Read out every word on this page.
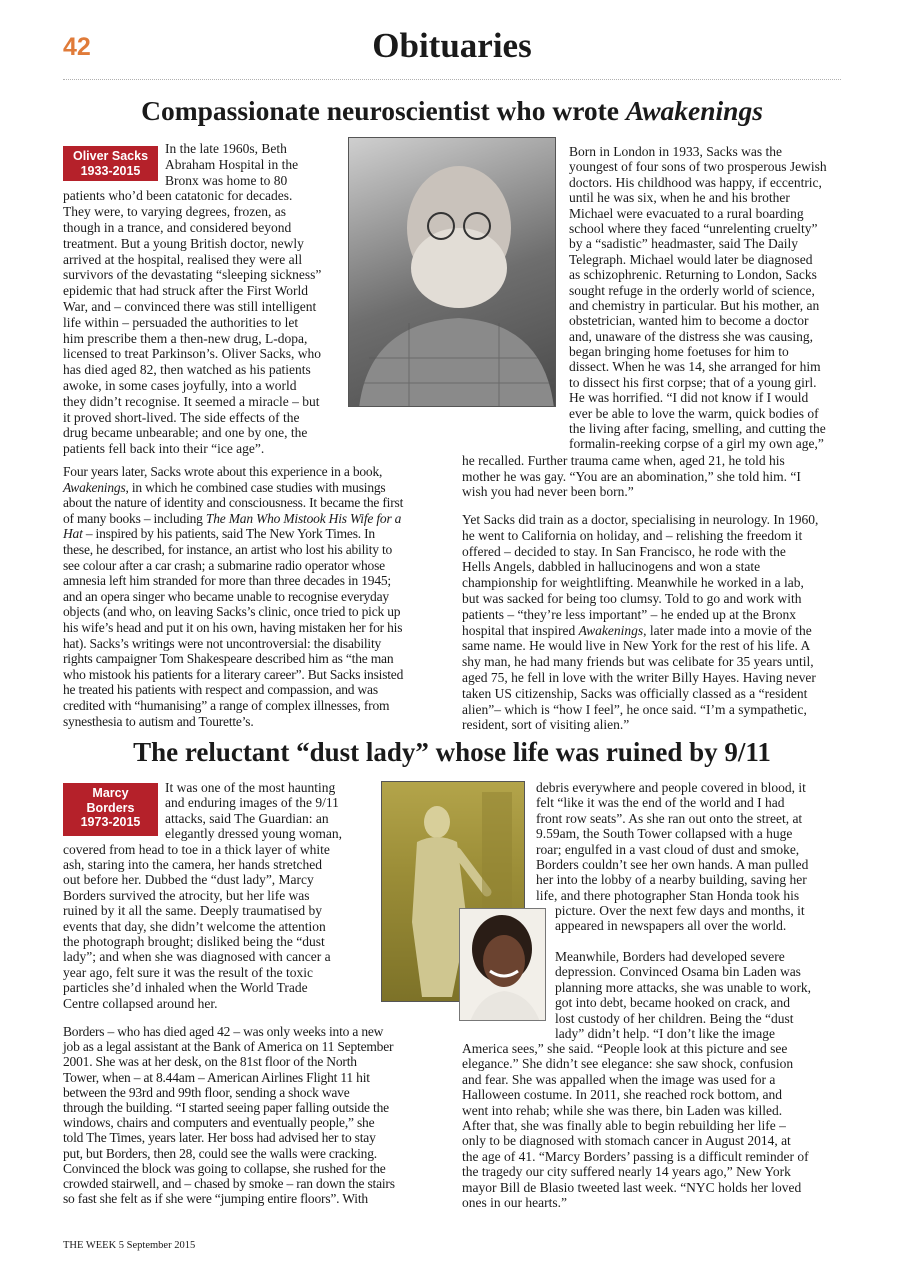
42	Obituaries
Compassionate neuroscientist who wrote Awakenings
Oliver Sacks
1933-2015
In the late 1960s, Beth
Abraham Hospital in the
Bronx was home to 80
patients who’d been catatonic for decades.
They were, to varying degrees, frozen, as
though in a trance, and considered beyond
treatment. But a young British doctor, newly
arrived at the hospital, realised they were all
survivors of the devastating “sleeping sickness”
epidemic that had struck after the First World
War, and – convinced there was still intelligent
life within – persuaded the authorities to let
him prescribe them a then-new drug, L-dopa,
licensed to treat Parkinson’s. Oliver Sacks, who
has died aged 82, then watched as his patients
awoke, in some cases joyfully, into a world
they didn’t recognise. It seemed a miracle – but
it proved short-lived. The side effects of the
drug became unbearable; and one by one, the
patients fell back into their “ice age”.
Born in London in 1933, Sacks was the
youngest of four sons of two prosperous Jewish
doctors. His childhood was happy, if eccentric,
until he was six, when he and his brother
Michael were evacuated to a rural boarding
school where they faced “unrelenting cruelty”
by a “sadistic” headmaster, said The Daily
Telegraph. Michael would later be diagnosed
as schizophrenic. Returning to London, Sacks
sought refuge in the orderly world of science,
and chemistry in particular. But his mother, an
obstetrician, wanted him to become a doctor
and, unaware of the distress she was causing,
began bringing home foetuses for him to
dissect. When he was 14, she arranged for him
to dissect his first corpse; that of a young girl.
He was horrified. “I did not know if I would
ever be able to love the warm, quick bodies of
the living after facing, smelling, and cutting the
formalin-reeking corpse of a girl my own age,”
he recalled. Further trauma came when, aged 21, he told his
mother he was gay. “You are an abomination,” she told him. “I
wish you had never been born.”
Four years later, Sacks wrote about this experience in a book,
Awakenings, in which he combined case studies with musings
about the nature of identity and consciousness. It became the first
of many books – including The Man Who Mistook His Wife for a
Hat – inspired by his patients, said The New York Times. In
these, he described, for instance, an artist who lost his ability to
see colour after a car crash; a submarine radio operator whose
amnesia left him stranded for more than three decades in 1945;
and an opera singer who became unable to recognise everyday
objects (and who, on leaving Sacks’s clinic, once tried to pick up
his wife’s head and put it on his own, having mistaken her for his
hat). Sacks’s writings were not uncontroversial: the disability
rights campaigner Tom Shakespeare described him as “the man
who mistook his patients for a literary career”. But Sacks insisted
he treated his patients with respect and compassion, and was
credited with “humanising” a range of complex illnesses, from
synesthesia to autism and Tourette’s.
Yet Sacks did train as a doctor, specialising in neurology. In 1960,
he went to California on holiday, and – relishing the freedom it
offered – decided to stay. In San Francisco, he rode with the
Hells Angels, dabbled in hallucinogens and won a state
championship for weightlifting. Meanwhile he worked in a lab,
but was sacked for being too clumsy. Told to go and work with
patients – “they’re less important” – he ended up at the Bronx
hospital that inspired Awakenings, later made into a movie of the
same name. He would live in New York for the rest of his life. A
shy man, he had many friends but was celibate for 35 years until,
aged 75, he fell in love with the writer Billy Hayes. Having never
taken US citizenship, Sacks was officially classed as a “resident
alien”– which is “how I feel”, he once said. “I’m a sympathetic,
resident, sort of visiting alien.”
The reluctant “dust lady” whose life was ruined by 9/11
Marcy
Borders
1973-2015
It was one of the most haunting
and enduring images of the 9/11
attacks, said The Guardian: an
elegantly dressed young woman,
covered from head to toe in a thick layer of white
ash, staring into the camera, her hands stretched
out before her. Dubbed the “dust lady”, Marcy
Borders survived the atrocity, but her life was
ruined by it all the same. Deeply traumatised by
events that day, she didn’t welcome the attention
the photograph brought; disliked being the “dust
lady”; and when she was diagnosed with cancer a
year ago, felt sure it was the result of the toxic
particles she’d inhaled when the World Trade
Centre collapsed around her.
Borders – who has died aged 42 – was only weeks into a new
job as a legal assistant at the Bank of America on 11 September
2001. She was at her desk, on the 81st floor of the North
Tower, when – at 8.44am – American Airlines Flight 11 hit
between the 93rd and 99th floor, sending a shock wave
through the building. “I started seeing paper falling outside the
windows, chairs and computers and eventually people,” she
told The Times, years later. Her boss had advised her to stay
put, but Borders, then 28, could see the walls were cracking.
Convinced the block was going to collapse, she rushed for the
crowded stairwell, and – chased by smoke – ran down the stairs
so fast she felt as if she were “jumping entire floors”. With
debris everywhere and people covered in blood, it
felt “like it was the end of the world and I had
front row seats”. As she ran out onto the street, at
9.59am, the South Tower collapsed with a huge
roar; engulfed in a vast cloud of dust and smoke,
Borders couldn’t see her own hands. A man pulled
her into the lobby of a nearby building, saving her
life, and there photographer Stan Honda took his
picture. Over the next few days and months, it
appeared in newspapers all over the world.
Meanwhile, Borders had developed severe
depression. Convinced Osama bin Laden was
planning more attacks, she was unable to work,
got into debt, became hooked on crack, and
lost custody of her children. Being the “dust
lady” didn’t help. “I don’t like the image
America sees,” she said. “People look at this picture and see
elegance.” She didn’t see elegance: she saw shock, confusion
and fear. She was appalled when the image was used for a
Halloween costume. In 2011, she reached rock bottom, and
went into rehab; while she was there, bin Laden was killed.
After that, she was finally able to begin rebuilding her life –
only to be diagnosed with stomach cancer in August 2014, at
the age of 41. “Marcy Borders’ passing is a difficult reminder of
the tragedy our city suffered nearly 14 years ago,” New York
mayor Bill de Blasio tweeted last week. “NYC holds her loved
ones in our hearts.”
THE WEEK 5 September 2015
